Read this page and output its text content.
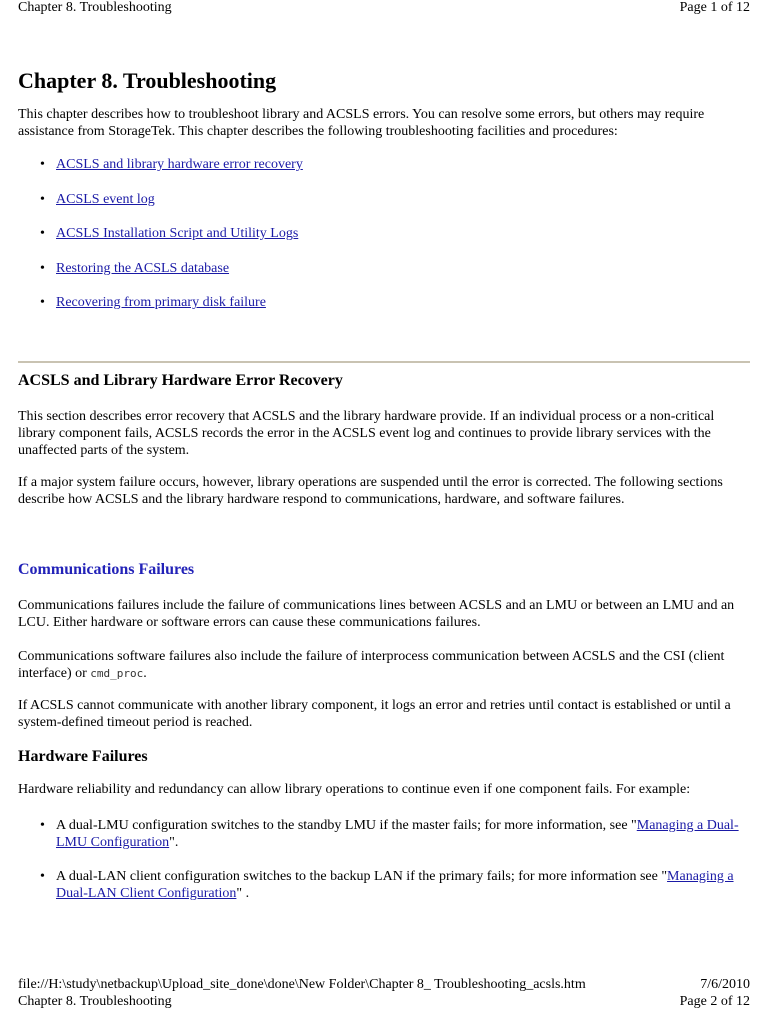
Chapter 8. Troubleshooting	Page 1 of 12
Chapter 8. Troubleshooting

This chapter describes how to troubleshoot library and ACSLS errors. You can resolve some errors, but others may require assistance from StorageTek. This chapter describes the following troubleshooting facilities and procedures:

• ACSLS and library hardware error recovery
• ACSLS event log
• ACSLS Installation Script and Utility Logs
• Restoring the ACSLS database
• Recovering from primary disk failure
ACSLS and Library Hardware Error Recovery

This section describes error recovery that ACSLS and the library hardware provide. If an individual process or a non-critical library component fails, ACSLS records the error in the ACSLS event log and continues to provide library services with the unaffected parts of the system.

If a major system failure occurs, however, library operations are suspended until the error is corrected. The following sections describe how ACSLS and the library hardware respond to communications, hardware, and software failures.

Communications Failures

Communications failures include the failure of communications lines between ACSLS and an LMU or between an LMU and an LCU. Either hardware or software errors can cause these communications failures.

Communications software failures also include the failure of interprocess communication between ACSLS and the CSI (client interface) or cmd_proc.

If ACSLS cannot communicate with another library component, it logs an error and retries until contact is established or until a system-defined timeout period is reached.

Hardware Failures

Hardware reliability and redundancy can allow library operations to continue even if one component fails. For example:

• A dual-LMU configuration switches to the standby LMU if the master fails; for more information, see "Managing a Dual-LMU Configuration".
• A dual-LAN client configuration switches to the backup LAN if the primary fails; for more information see "Managing a Dual-LAN Client Configuration" .
file://H:\study\netbackup\Upload_site_done\done\New Folder\Chapter 8_ Troubleshooting_acsls.htm	7/6/2010
Chapter 8. Troubleshooting	Page 2 of 12
